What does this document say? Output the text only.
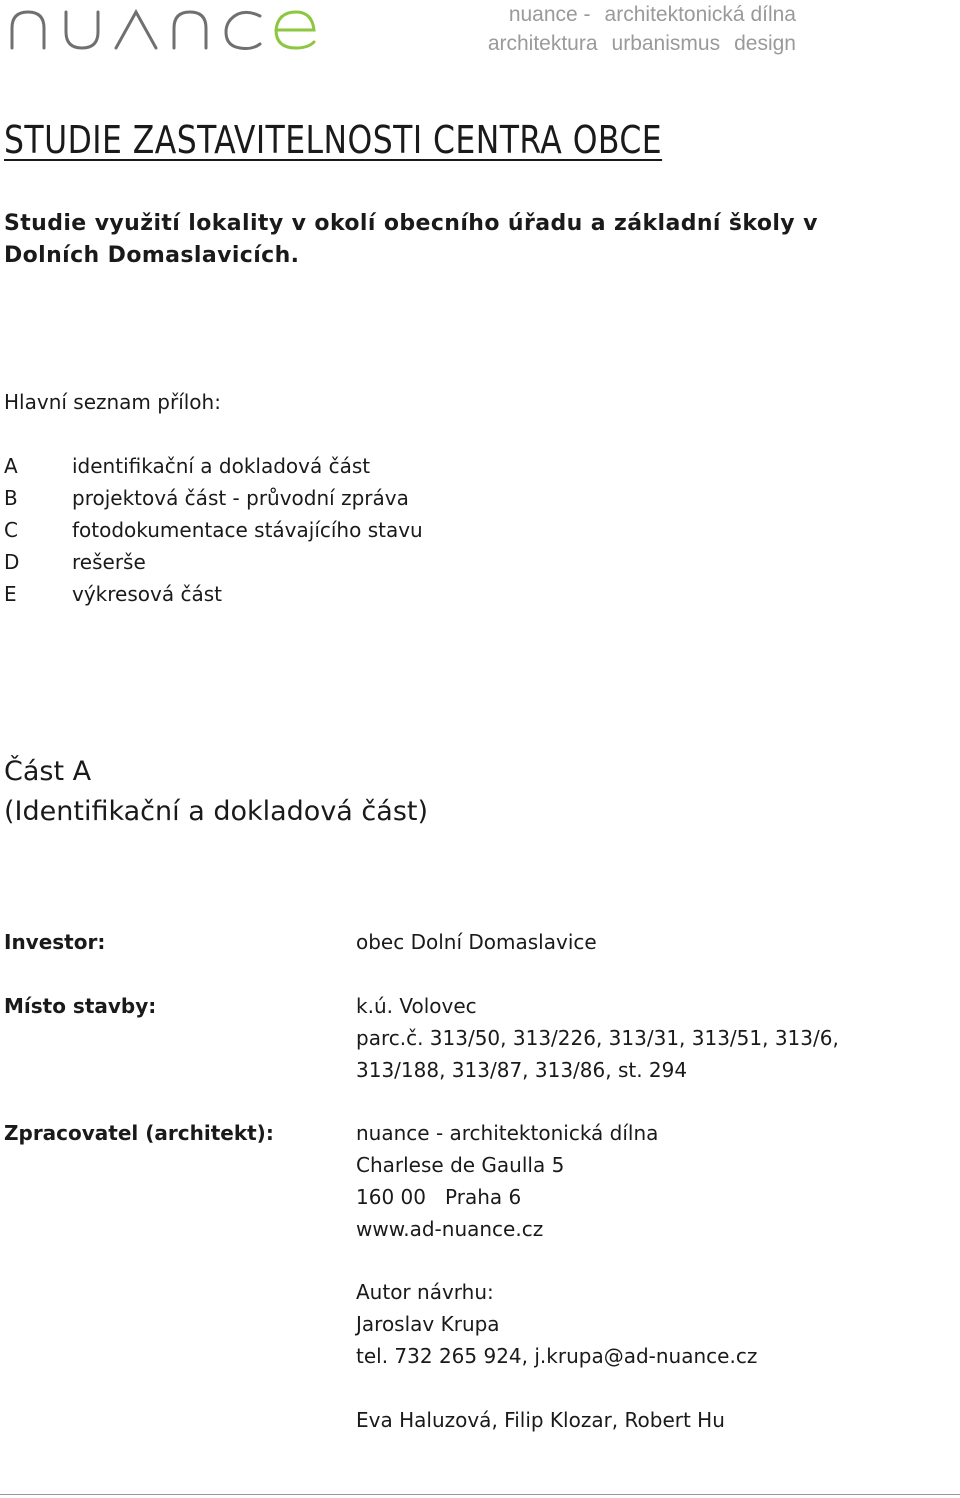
nuance - architektonická dílna
architektura urbanismus design
STUDIE ZASTAVITELNOSTI CENTRA OBCE

Studie využití lokality v okolí obecního úřadu a základní školy v Dolních Domaslavicích.

Hlavní seznam příloh:
A	identifikační a dokladová část
B	projektová část - průvodní zpráva
C	fotodokumentace stávajícího stavu
D	rešerše
E	výkresová část
Část A
(Identifikační a dokladová část)
Investor:	obec Dolní Domaslavice
Místo stavby:	k.ú. Volovec
parc.č. 313/50, 313/226, 313/31, 313/51, 313/6,
313/188, 313/87, 313/86, st. 294
Zpracovatel (architekt):	nuance - architektonická dílna
Charlese de Gaulla 5
160 00   Praha 6
www.ad-nuance.cz
Autor návrhu:
Jaroslav Krupa
tel. 732 265 924, j.krupa@ad-nuance.cz
Eva Haluzová, Filip Klozar, Robert Hu
